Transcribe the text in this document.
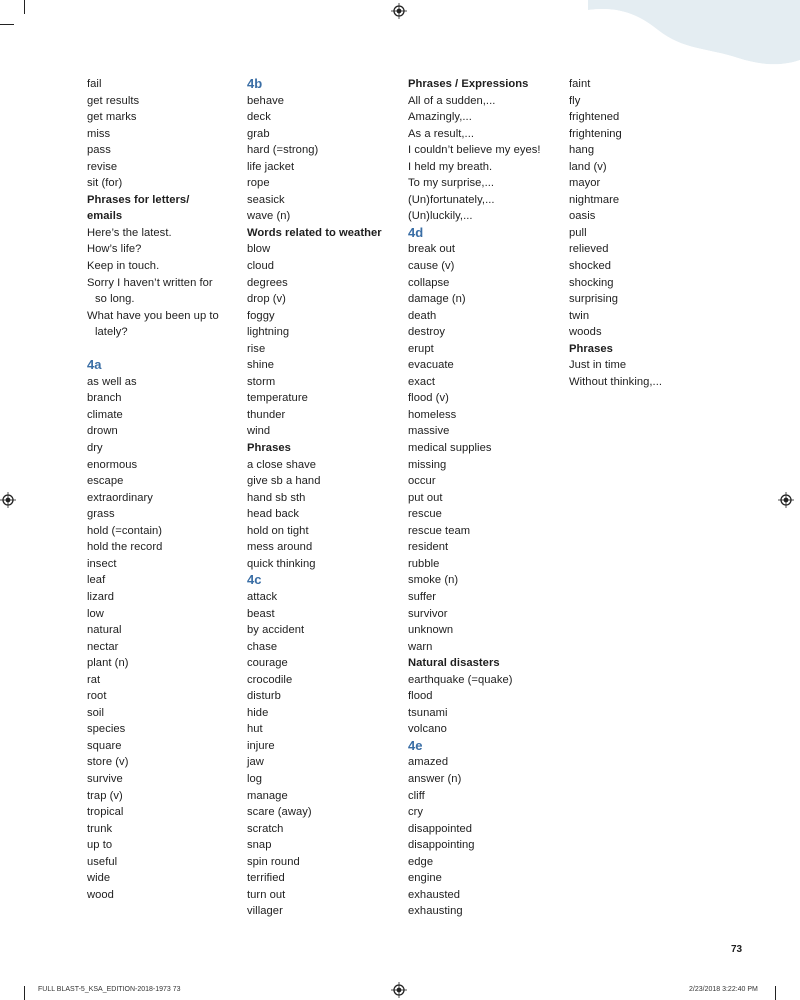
fail
get results
get marks
miss
pass
revise
sit (for)
Phrases for letters/
emails
Here’s the latest.
How’s life?
Keep in touch.
Sorry I haven’t written for
so long.
What have you been up to
lately?
4a
as well as
branch
climate
drown
dry
enormous
escape
extraordinary
grass
hold (=contain)
hold the record
insect
leaf
lizard
low
natural
nectar
plant (n)
rat
root
soil
species
square
store (v)
survive
trap (v)
tropical
trunk
up to
useful
wide
wood
4b
behave
deck
grab
hard (=strong)
life jacket
rope
seasick
wave (n)
Words related to weather
blow
cloud
degrees
drop (v)
foggy
lightning
rise
shine
storm
temperature
thunder
wind
Phrases
a close shave
give sb a hand
hand sb sth
head back
hold on tight
mess around
quick thinking
4c
attack
beast
by accident
chase
courage
crocodile
disturb
hide
hut
injure
jaw
log
manage
scare (away)
scratch
snap
spin round
terrified
turn out
villager
Phrases / Expressions
All of a sudden,...
Amazingly,...
As a result,...
I couldn’t believe my eyes!
I held my breath.
To my surprise,...
(Un)fortunately,...
(Un)luckily,...
4d
break out
cause (v)
collapse
damage (n)
death
destroy
erupt
evacuate
exact
flood (v)
homeless
massive
medical supplies
missing
occur
put out
rescue
rescue team
resident
rubble
smoke (n)
suffer
survivor
unknown
warn
Natural disasters
earthquake (=quake)
flood
tsunami
volcano
4e
amazed
answer (n)
cliff
cry
disappointed
disappointing
edge
engine
exhausted
exhausting
faint
fly
frightened
frightening
hang
land (v)
mayor
nightmare
oasis
pull
relieved
shocked
shocking
surprising
twin
woods
Phrases
Just in time
Without thinking,...
73
FULL BLAST-5_KSA_EDITION-2018-1973 73	2/23/2018 3:22:40 PM
